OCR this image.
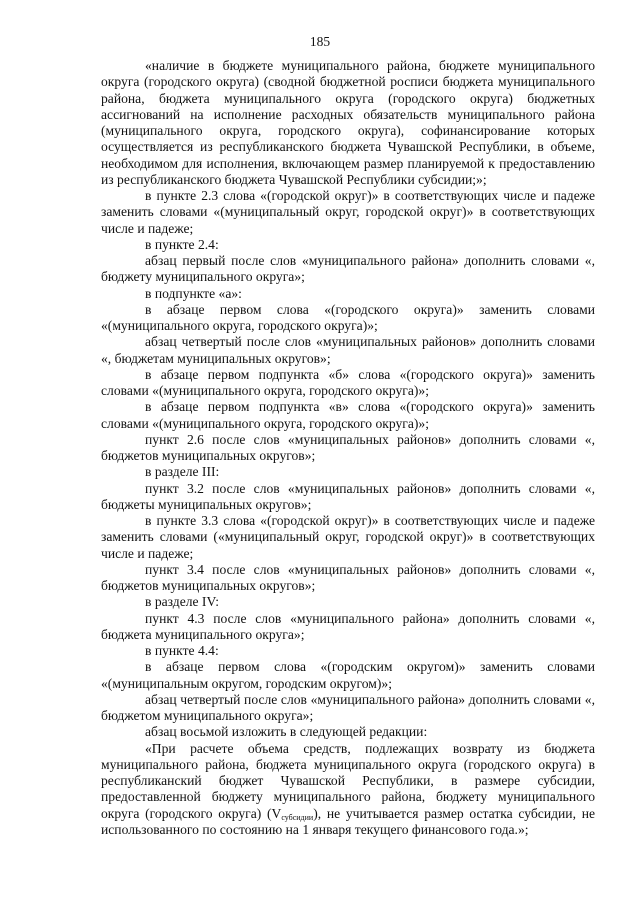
185

«наличие в бюджете муниципального района, бюджете муниципального округа (городского округа) (сводной бюджетной росписи бюджета муниципального района, бюджета муниципального округа (городского округа) бюджетных ассигнований на исполнение расходных обязательств муниципального района (муниципального округа, городского округа), софинансирование которых осуществляется из республиканского бюджета Чувашской Республики, в объеме, необходимом для исполнения, включающем размер планируемой к предоставлению из республиканского бюджета Чувашской Республики субсидии;»;

в пункте 2.3 слова «(городской округ)» в соответствующих числе и падеже заменить словами «(муниципальный округ, городской округ)» в соответствующих числе и падеже;

в пункте 2.4:

абзац первый после слов «муниципального района» дополнить словами «, бюджету муниципального округа»;

в подпункте «а»:

в абзаце первом слова «(городского округа)» заменить словами «(муниципального округа, городского округа)»;

абзац четвертый после слов «муниципальных районов» дополнить словами «, бюджетам муниципальных округов»;

в абзаце первом подпункта «б» слова «(городского округа)» заменить словами «(муниципального округа, городского округа)»;

в абзаце первом подпункта «в» слова «(городского округа)» заменить словами «(муниципального округа, городского округа)»;

пункт 2.6 после слов «муниципальных районов» дополнить словами «, бюджетов муниципальных округов»;

в разделе III:

пункт 3.2 после слов «муниципальных районов» дополнить словами «, бюджеты муниципальных округов»;

в пункте 3.3 слова «(городской округ)» в соответствующих числе и падеже заменить словами («муниципальный округ, городской округ)» в соответствующих числе и падеже;

пункт 3.4 после слов «муниципальных районов» дополнить словами «, бюджетов муниципальных округов»;

в разделе IV:

пункт 4.3 после слов «муниципального района» дополнить словами «, бюджета муниципального округа»;

в пункте 4.4:

в абзаце первом слова «(городским округом)» заменить словами «(муниципальным округом, городским округом)»;

абзац четвертый после слов «муниципального района» дополнить словами «, бюджетом муниципального округа»;

абзац восьмой изложить в следующей редакции:

«При расчете объема средств, подлежащих возврату из бюджета муниципального района, бюджета муниципального округа (городского округа) в республиканский бюджет Чувашской Республики, в размере субсидии, предоставленной бюджету муниципального района, бюджету муниципального округа (городского округа) $(V_{субсидии})$, не учитывается размер остатка субсидии, не использованного по состоянию на 1 января текущего финансового года.»;
